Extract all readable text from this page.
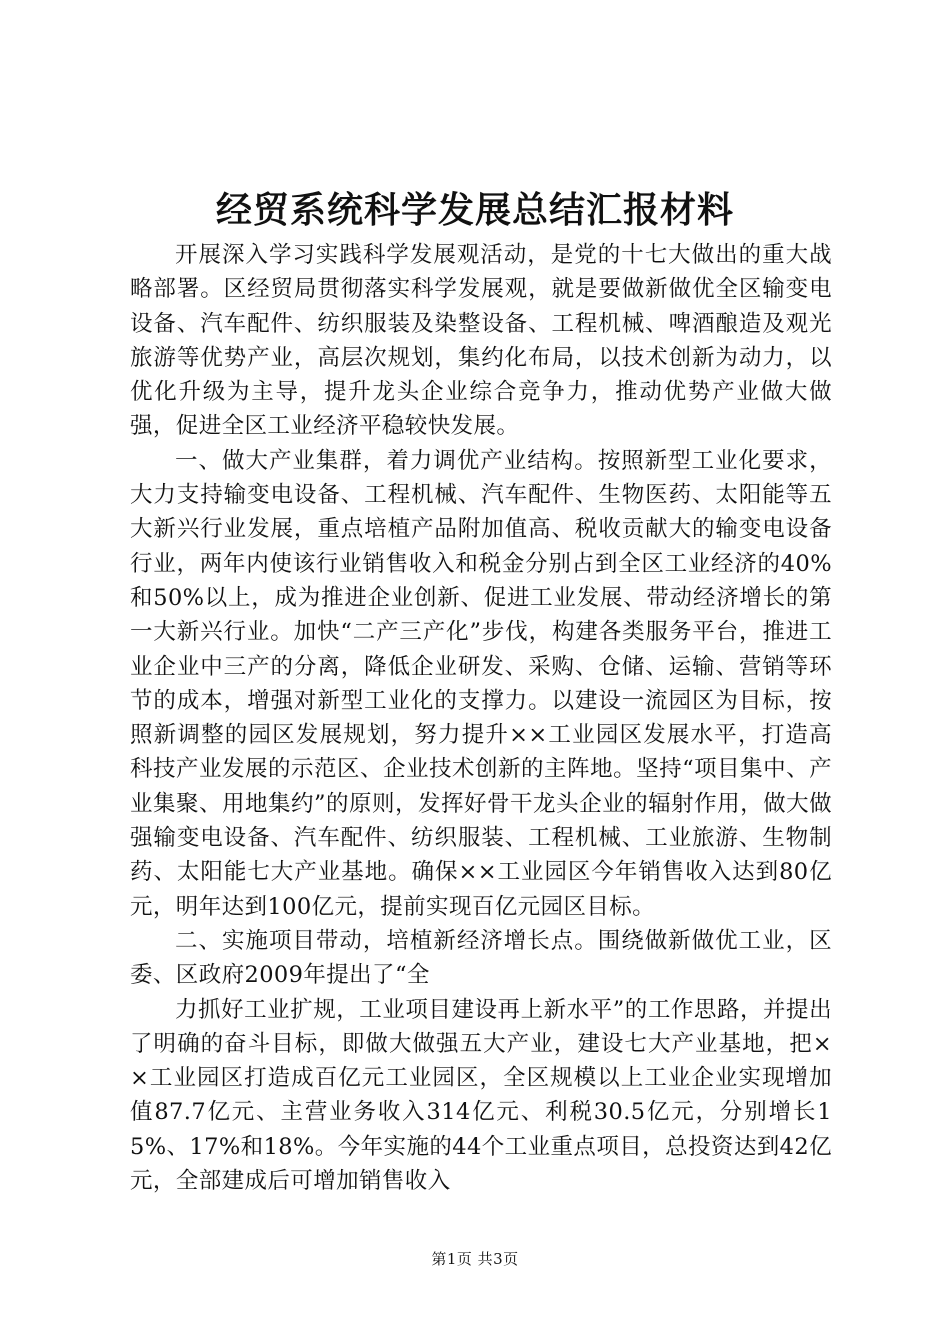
经贸系统科学发展总结汇报材料

开展深入学习实践科学发展观活动，是党的十七大做出的重大战略部署。区经贸局贯彻落实科学发展观，就是要做新做优全区输变电设备、汽车配件、纺织服装及染整设备、工程机械、啤酒酿造及观光旅游等优势产业，高层次规划，集约化布局，以技术创新为动力，以优化升级为主导，提升龙头企业综合竞争力，推动优势产业做大做强，促进全区工业经济平稳较快发展。

一、做大产业集群，着力调优产业结构。按照新型工业化要求，大力支持输变电设备、工程机械、汽车配件、生物医药、太阳能等五大新兴行业发展，重点培植产品附加值高、税收贡献大的输变电设备行业，两年内使该行业销售收入和税金分别占到全区工业经济的40%和50%以上，成为推进企业创新、促进工业发展、带动经济增长的第一大新兴行业。加快“二产三产化”步伐，构建各类服务平台，推进工业企业中三产的分离，降低企业研发、采购、仓储、运输、营销等环节的成本，增强对新型工业化的支撑力。以建设一流园区为目标，按照新调整的园区发展规划，努力提升××工业园区发展水平，打造高科技产业发展的示范区、企业技术创新的主阵地。坚持“项目集中、产业集聚、用地集约”的原则，发挥好骨干龙头企业的辐射作用，做大做强输变电设备、汽车配件、纺织服装、工程机械、工业旅游、生物制药、太阳能七大产业基地。确保××工业园区今年销售收入达到80亿元，明年达到100亿元，提前实现百亿元园区目标。

二、实施项目带动，培植新经济增长点。围绕做新做优工业，区委、区政府2009年提出了“全

力抓好工业扩规，工业项目建设再上新水平”的工作思路，并提出了明确的奋斗目标，即做大做强五大产业，建设七大产业基地，把××工业园区打造成百亿元工业园区，全区规模以上工业企业实现增加值87.7亿元、主营业务收入314亿元、利税30.5亿元，分别增长15%、17%和18%。今年实施的44个工业重点项目，总投资达到42亿元，全部建成后可增加销售收入

第1页 共3页
